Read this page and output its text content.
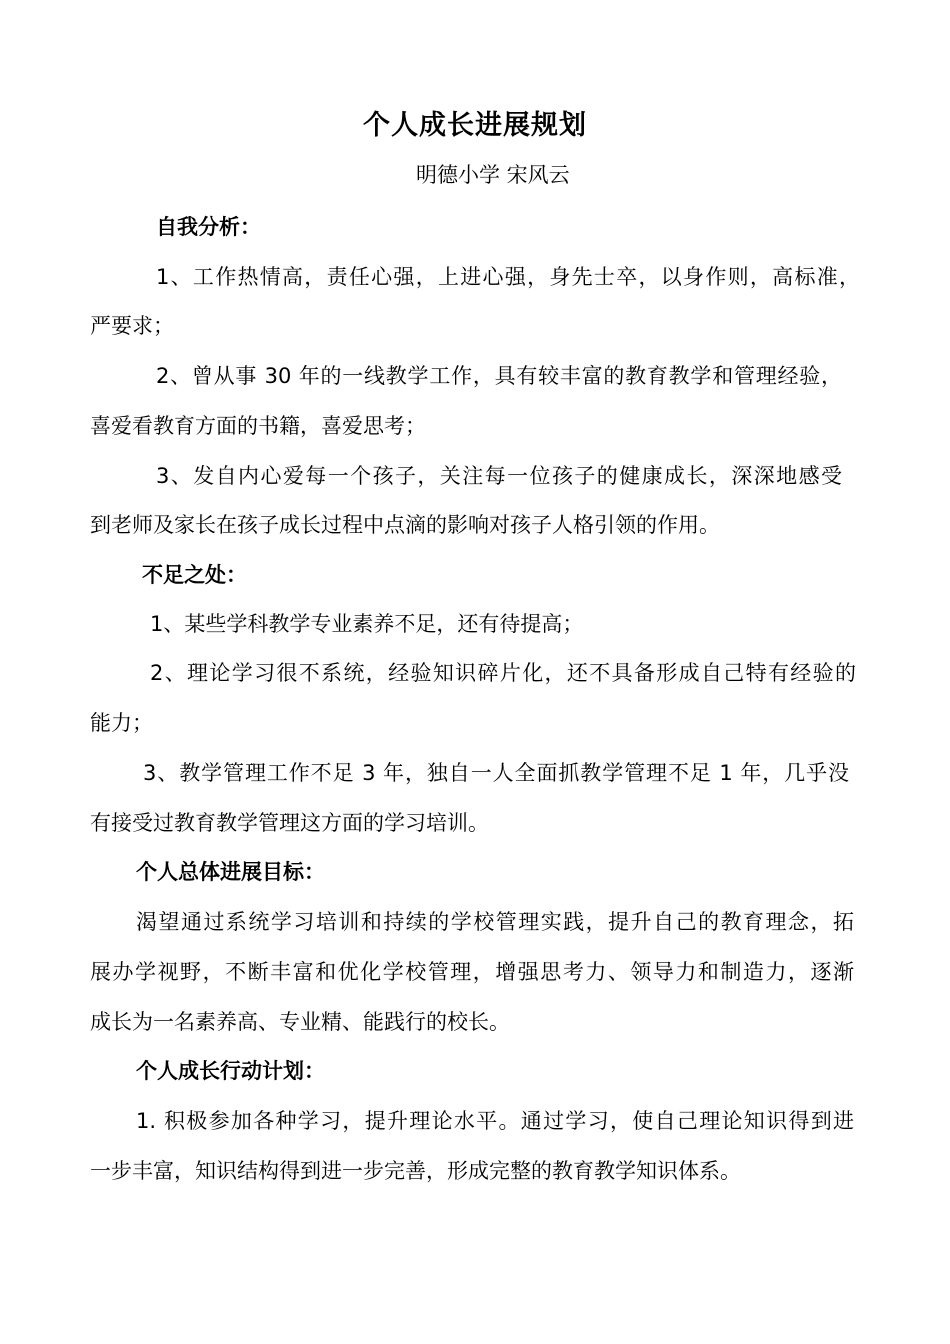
个人成长进展规划

明德小学 宋风云

自我分析：

1、工作热情高，责任心强，上进心强，身先士卒，以身作则，高标准，

严要求；

2、曾从事 30 年的一线教学工作，具有较丰富的教育教学和管理经验，

喜爱看教育方面的书籍，喜爱思考；

3、发自内心爱每一个孩子，关注每一位孩子的健康成长，深深地感受

到老师及家长在孩子成长过程中点滴的影响对孩子人格引领的作用。

不足之处：

1、某些学科教学专业素养不足，还有待提高；

2、理论学习很不系统，经验知识碎片化，还不具备形成自己特有经验的

能力；

3、教学管理工作不足 3 年，独自一人全面抓教学管理不足 1 年，几乎没

有接受过教育教学管理这方面的学习培训。

个人总体进展目标：

渴望通过系统学习培训和持续的学校管理实践，提升自己的教育理念，拓

展办学视野，不断丰富和优化学校管理，增强思考力、领导力和制造力，逐渐

成长为一名素养高、专业精、能践行的校长。

个人成长行动计划：

1. 积极参加各种学习，提升理论水平。通过学习，使自己理论知识得到进

一步丰富，知识结构得到进一步完善，形成完整的教育教学知识体系。
